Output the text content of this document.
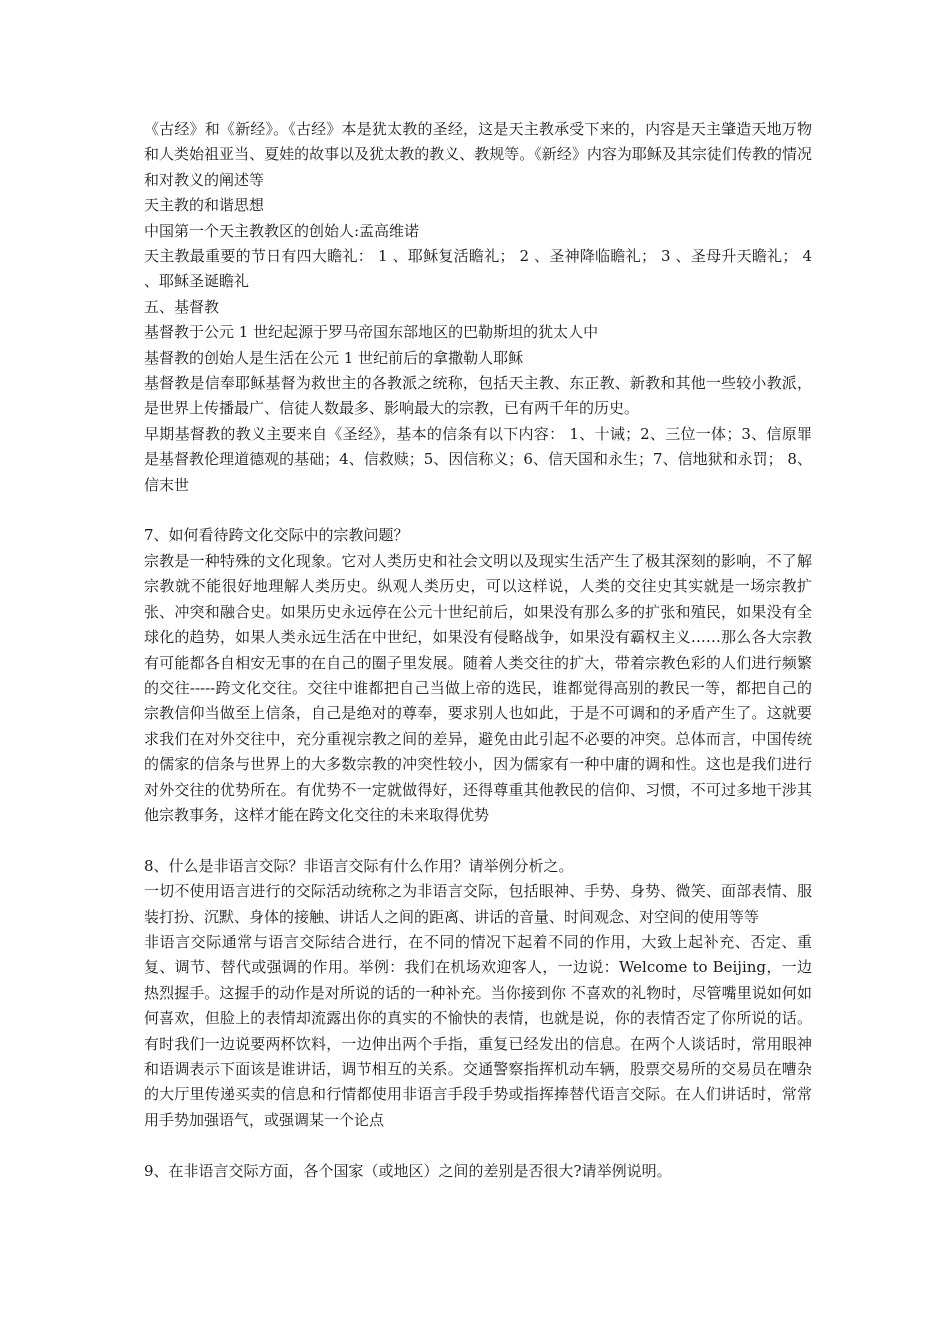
《古经》和《新经》。《古经》本是犹太教的圣经，这是天主教承受下来的，内容是天主肇造天地万物和人类始祖亚当、夏娃的故事以及犹太教的教义、教规等。《新经》内容为耶稣及其宗徒们传教的情况和对教义的阐述等

天主教的和谐思想

中国第一个天主教教区的创始人:孟高维诺

天主教最重要的节日有四大瞻礼： 1 、耶稣复活瞻礼； 2 、圣神降临瞻礼； 3 、圣母升天瞻礼； 4 、耶稣圣诞瞻礼

五、基督教

基督教于公元 1 世纪起源于罗马帝国东部地区的巴勒斯坦的犹太人中

基督教的创始人是生活在公元 1 世纪前后的拿撒勒人耶稣

基督教是信奉耶稣基督为救世主的各教派之统称，包括天主教、东正教、新教和其他一些较小教派，是世界上传播最广、信徒人数最多、影响最大的宗教，已有两千年的历史。

早期基督教的教义主要来自《圣经》，基本的信条有以下内容： 1、十诫；2、三位一体；3、信原罪是基督教伦理道德观的基础；4、信救赎；5、因信称义；6、信天国和永生；7、信地狱和永罚； 8、信末世

7、如何看待跨文化交际中的宗教问题？

宗教是一种特殊的文化现象。它对人类历史和社会文明以及现实生活产生了极其深刻的影响，不了解宗教就不能很好地理解人类历史。纵观人类历史，可以这样说，人类的交往史其实就是一场宗教扩张、冲突和融合史。如果历史永远停在公元十世纪前后，如果没有那么多的扩张和殖民，如果没有全球化的趋势，如果人类永远生活在中世纪，如果没有侵略战争，如果没有霸权主义……那么各大宗教有可能都各自相安无事的在自己的圈子里发展。随着人类交往的扩大，带着宗教色彩的人们进行频繁的交往-----跨文化交往。交往中谁都把自己当做上帝的选民，谁都觉得高别的教民一等，都把自己的宗教信仰当做至上信条，自己是绝对的尊奉，要求别人也如此，于是不可调和的矛盾产生了。这就要求我们在对外交往中，充分重视宗教之间的差异，避免由此引起不必要的冲突。总体而言，中国传统的儒家的信条与世界上的大多数宗教的冲突性较小，因为儒家有一种中庸的调和性。这也是我们进行对外交往的优势所在。有优势不一定就做得好，还得尊重其他教民的信仰、习惯，不可过多地干涉其他宗教事务，这样才能在跨文化交往的未来取得优势

8、什么是非语言交际？非语言交际有什么作用？请举例分析之。

一切不使用语言进行的交际活动统称之为非语言交际，包括眼神、手势、身势、微笑、面部表情、服装打扮、沉默、身体的接触、讲话人之间的距离、讲话的音量、时间观念、对空间的使用等等

非语言交际通常与语言交际结合进行，在不同的情况下起着不同的作用，大致上起补充、否定、重复、调节、替代或强调的作用。举例：我们在机场欢迎客人，一边说：Welcome to Beijing，一边热烈握手。这握手的动作是对所说的话的一种补充。当你接到你 不喜欢的礼物时，尽管嘴里说如何如何喜欢，但脸上的表情却流露出你的真实的不愉快的表情，也就是说，你的表情否定了你所说的话。有时我们一边说要两杯饮料，一边伸出两个手指，重复已经发出的信息。在两个人谈话时，常用眼神和语调表示下面该是谁讲话，调节相互的关系。交通警察指挥机动车辆，股票交易所的交易员在嘈杂的大厅里传递买卖的信息和行情都使用非语言手段手势或指挥捧替代语言交际。在人们讲话时，常常用手势加强语气，或强调某一个论点

9、在非语言交际方面，各个国家（或地区）之间的差别是否很大?请举例说明。
